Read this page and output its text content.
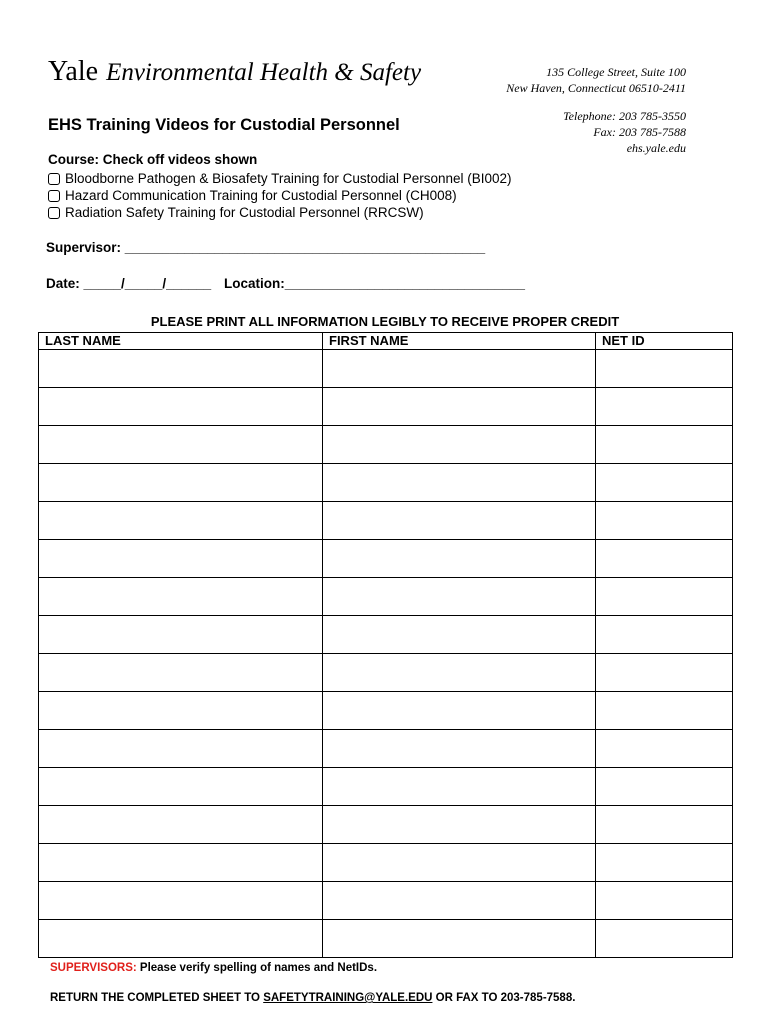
Yale Environmental Health & Safety	135 College Street, Suite 100
New Haven, Connecticut 06510-2411
Telephone: 203 785-3550
Fax: 203 785-7588
ehs.yale.edu
EHS Training Videos for Custodial Personnel
Course: Check off videos shown
Bloodborne Pathogen & Biosafety Training for Custodial Personnel (BI002)
Hazard Communication Training for Custodial Personnel (CH008)
Radiation Safety Training for Custodial Personnel (RRCSW)
Supervisor: ________________________________________________
Date: _____/_____/______ Location:________________________________
PLEASE PRINT ALL INFORMATION LEGIBLY TO RECEIVE PROPER CREDIT
LAST NAME	FIRST NAME	NET ID

SUPERVISORS: Please verify spelling of names and NetIDs.
RETURN THE COMPLETED SHEET TO SAFETYTRAINING@YALE.EDU OR FAX TO 203-785-7588.
